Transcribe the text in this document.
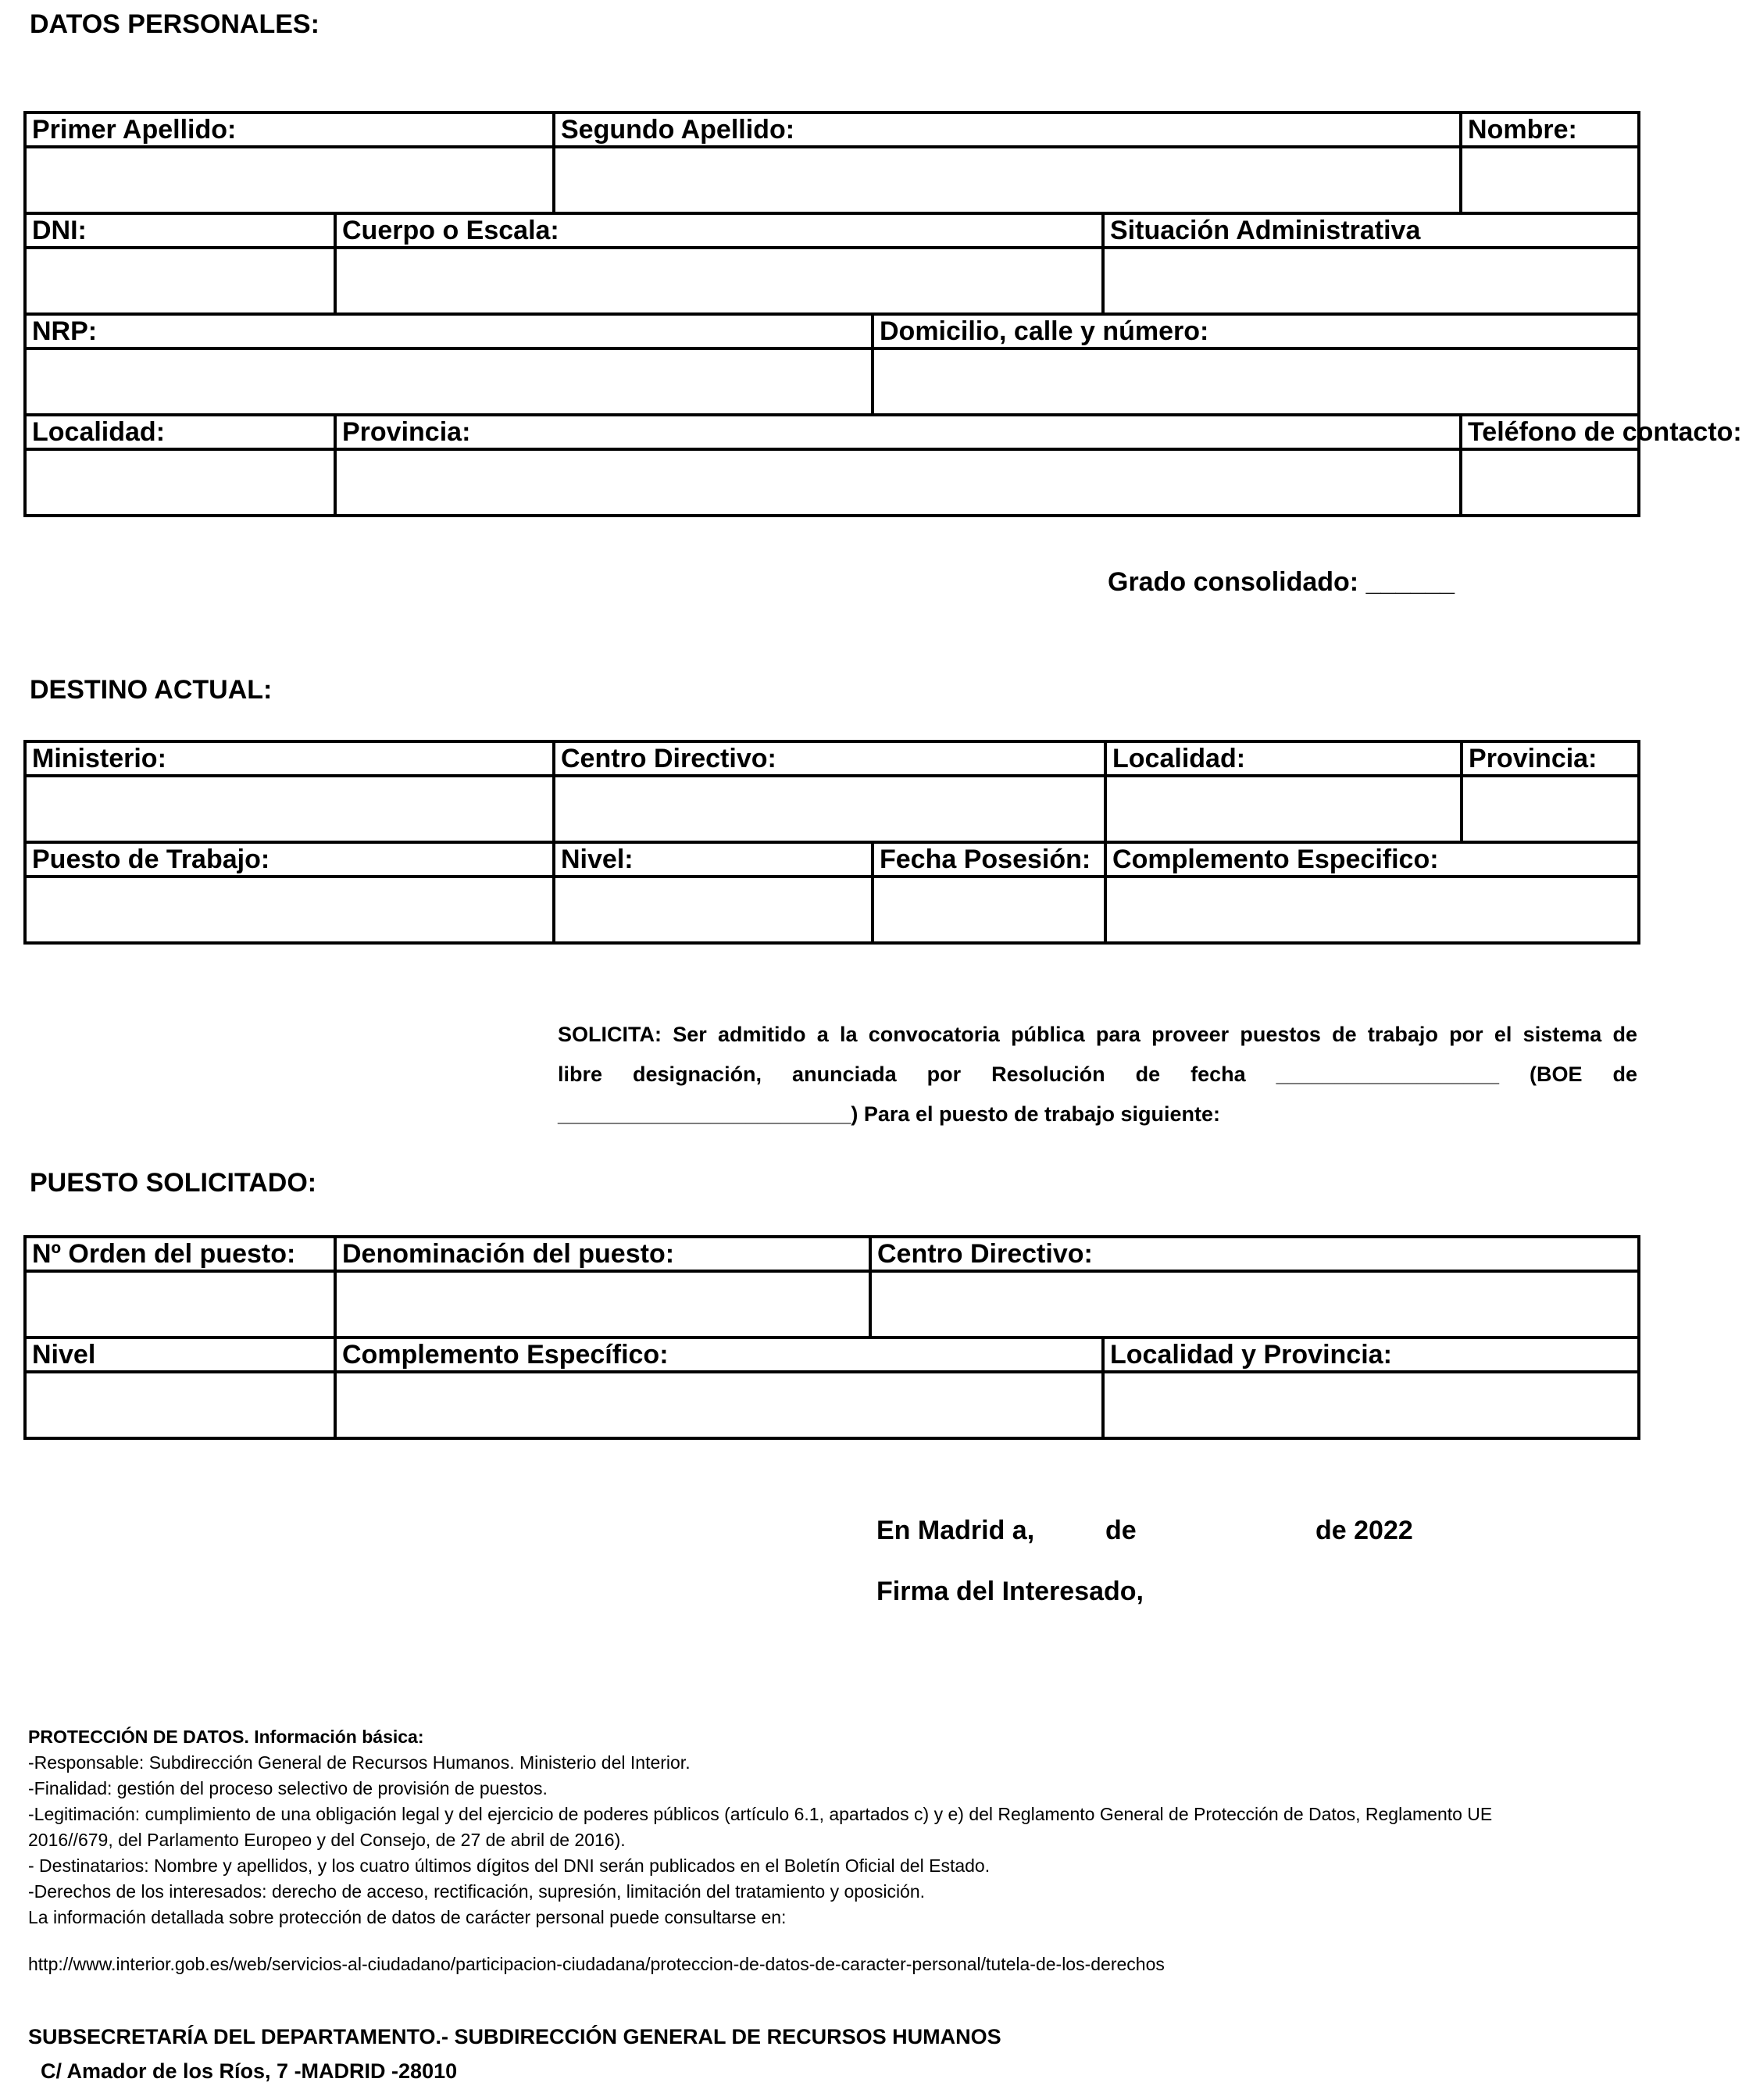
DATOS PERSONALES:
Primer Apellido:		Segundo Apellido:			Nombre:

DNI:	Cuerpo o Escala:			Situación Administrativa	

NRP:			Domicilio, calle y número:		

Localidad:	Provincia:				Teléfono de contacto:

Grado consolidado: ______
DESTINO ACTUAL:
Ministerio:	Centro Directivo:		Localidad:	Provincia:

Puesto de Trabajo:	Nivel:	Fecha Posesión:	Complemento Especifico:	

SOLICITA: Ser admitido a la convocatoria pública para proveer puestos de trabajo por el sistema de
libre designación, anunciada por Resolución de fecha ___________________ (BOE de
_________________________) Para el puesto de trabajo siguiente:
PUESTO SOLICITADO:
Nº Orden del puesto:	Denominación del puesto:	Centro Directivo:	

Nivel	Complemento Específico:		Localidad y Provincia:

En Madrid a,	de	de 2022
Firma del Interesado,
PROTECCIÓN DE DATOS. Información básica:
-Responsable: Subdirección General de Recursos Humanos. Ministerio del Interior.
-Finalidad: gestión del proceso selectivo de provisión de puestos.
-Legitimación: cumplimiento de una obligación legal y del ejercicio de poderes públicos (artículo 6.1, apartados c) y e) del Reglamento General de Protección de Datos, Reglamento UE
2016//679, del Parlamento Europeo y del Consejo, de 27 de abril de 2016).
- Destinatarios: Nombre y apellidos, y los cuatro últimos dígitos del DNI serán publicados en el Boletín Oficial del Estado.
-Derechos de los interesados: derecho de acceso, rectificación, supresión, limitación del tratamiento y oposición.
La información detallada sobre protección de datos de carácter personal puede consultarse en:
http://www.interior.gob.es/web/servicios-al-ciudadano/participacion-ciudadana/proteccion-de-datos-de-caracter-personal/tutela-de-los-derechos
SUBSECRETARÍA DEL DEPARTAMENTO.- SUBDIRECCIÓN GENERAL DE RECURSOS HUMANOS
C/ Amador de los Ríos, 7 -MADRID -28010
